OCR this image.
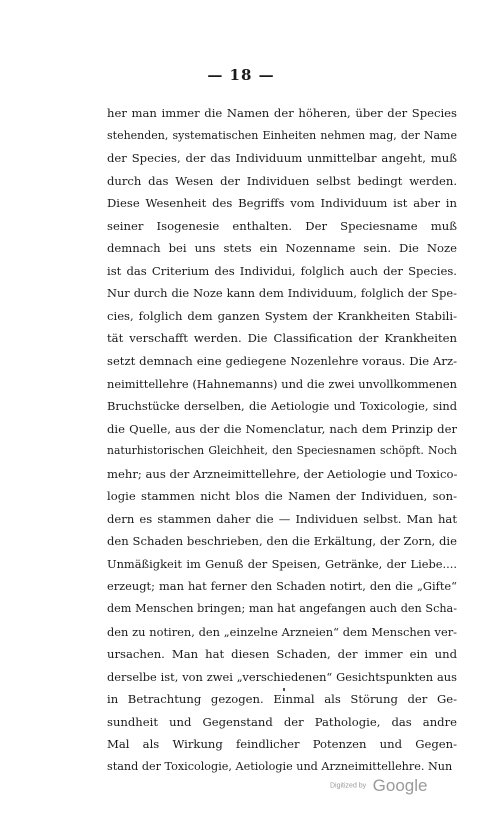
— 18 —
her man immer die Namen der höheren, über der Species
stehenden, systematischen Einheiten nehmen mag, der Name
der Species, der das Individuum unmittelbar angeht, muß
durch das Wesen der Individuen selbst bedingt werden.
Diese Wesenheit des Begriffs vom Individuum ist aber in
seiner Isogenesie enthalten. Der Speciesname muß
demnach bei uns stets ein Nozenname sein. Die Noze
ist das Criterium des Individui, folglich auch der Species.
Nur durch die Noze kann dem Individuum, folglich der Spe-
cies, folglich dem ganzen System der Krankheiten Stabili-
tät verschafft werden. Die Classification der Krankheiten
setzt demnach eine gediegene Nozenlehre voraus. Die Arz-
neimittellehre (Hahnemanns) und die zwei unvollkommenen
Bruchstücke derselben, die Aetiologie und Toxicologie, sind
die Quelle, aus der die Nomenclatur, nach dem Prinzip der
naturhistorischen Gleichheit, den Speciesnamen schöpft. Noch
mehr; aus der Arzneimittellehre, der Aetiologie und Toxico-
logie stammen nicht blos die Namen der Individuen, son-
dern es stammen daher die — Individuen selbst. Man hat
den Schaden beschrieben, den die Erkältung, der Zorn, die
Unmäßigkeit im Genuß der Speisen, Getränke, der Liebe....
erzeugt; man hat ferner den Schaden notirt, den die „Gifte“
dem Menschen bringen; man hat angefangen auch den Scha-
den zu notiren, den „einzelne Arzneien“ dem Menschen ver-
ursachen. Man hat diesen Schaden, der immer ein und
derselbe ist, von zwei „verschiedenen“ Gesichtspunkten aus
in Betrachtung gezogen. Einmal als Störung der Ge-
sundheit und Gegenstand der Pathologie, das andre
Mal als Wirkung feindlicher Potenzen und Gegen-
stand der Toxicologie, Aetiologie und Arzneimittellehre. Nun
Digitized by Google
